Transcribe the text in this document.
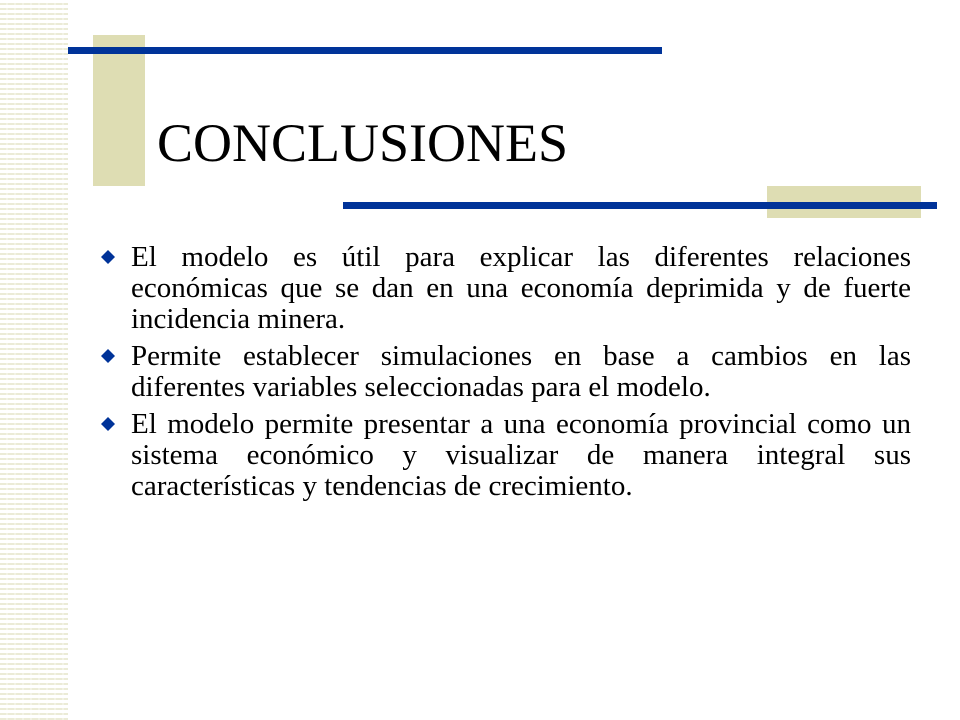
CONCLUSIONES
El modelo es útil para explicar las diferentes relaciones económicas que se dan en una economía deprimida y de fuerte incidencia minera.
Permite establecer simulaciones en base a cambios en las diferentes variables seleccionadas para el modelo.
El modelo permite presentar a una economía provincial como un sistema económico y visualizar de manera integral sus características y tendencias de crecimiento.
